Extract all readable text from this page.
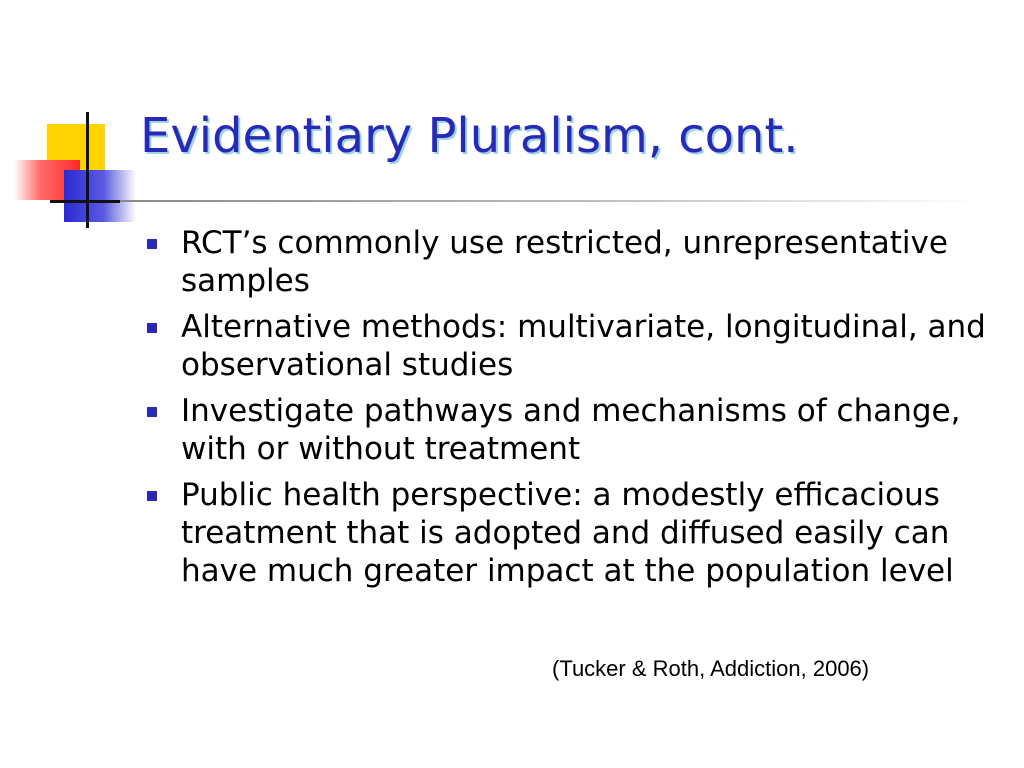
Evidentiary Pluralism, cont.
RCT’s commonly use restricted, unrepresentative samples
Alternative methods: multivariate, longitudinal, and observational studies
Investigate pathways and mechanisms of change, with or without treatment
Public health perspective: a modestly efficacious treatment that is adopted and diffused easily can have much greater impact at the population level
(Tucker & Roth, Addiction, 2006)
